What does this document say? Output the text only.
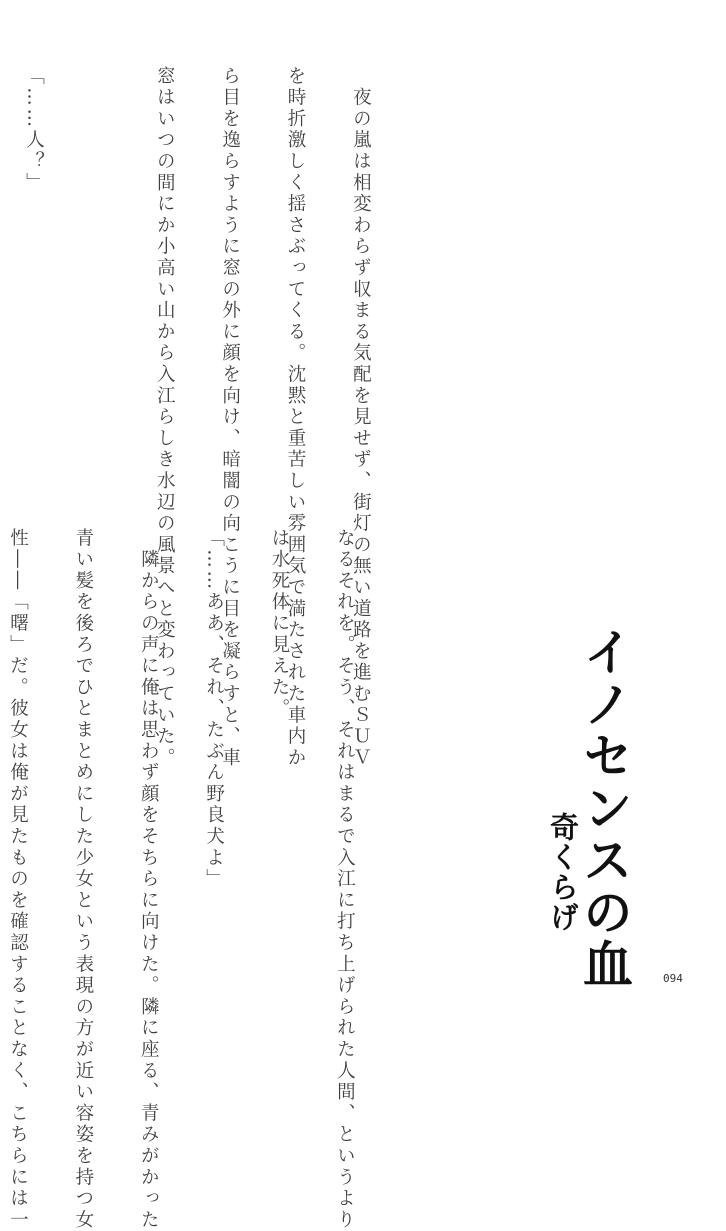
　夜の嵐は相変わらず収まる気配を見せず、街灯の無い道路を進むＳＵＶ

を時折激しく揺さぶってくる。沈黙と重苦しい雰囲気で満たされた車内か

ら目を逸らすように窓の外に顔を向け、暗闇の向こうに目を凝らすと、車

窓はいつの間にか小高い山から入江らしき水辺の風景へと変わっていた。

「……人？」

なるそれを。そう、それはまるで入江に打ち上げられた人間、というより

は水死体に見えた。

「……ああ、それ、たぶん野良犬よ」

　隣からの声に俺は思わず顔をそちらに向けた。隣に座る、青みがかった

青い髪を後ろでひとまとめにした少女という表現の方が近い容姿を持つ女

性――「曙」だ。彼女は俺が見たものを確認することなく、こちらには一

	イノセンスの血
奇くらげ
094
